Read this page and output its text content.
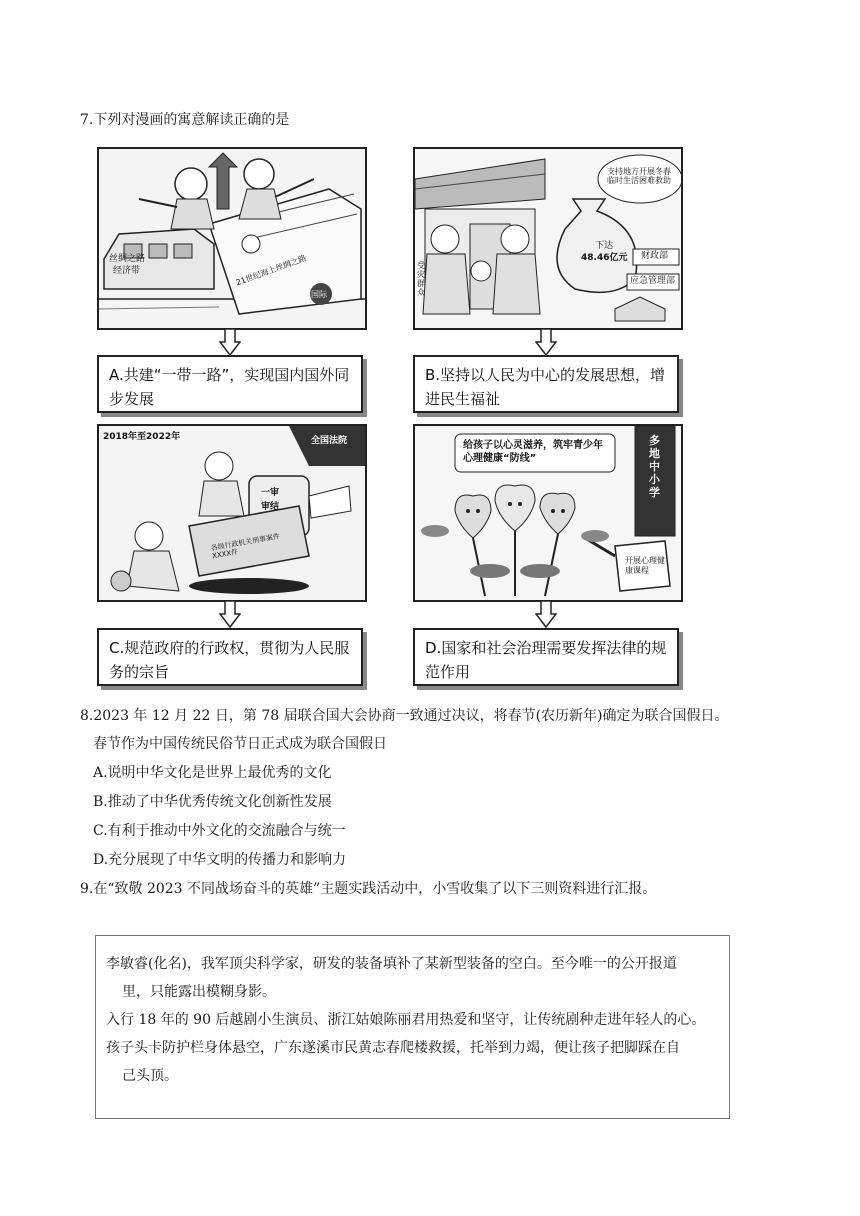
7.下列对漫画的寓意解读正确的是
丝绸之路
经济带	21世纪海上丝绸之路
国际
支持地方开展冬春临时生活困难救助
下达
48.46亿元 财政部
应急管理部
受灾群众
A.共建“一带一路”，实现国内国外同步发展
B.坚持以人民为中心的发展思想，增进民生福祉
2018年至2022年	全国法院
一审
审结
各级行政机关刑事案件XXXX件
给孩子以心灵滋养，筑牢青少年心理健康“防线”
多地中小学
开展心理健康课程
C.规范政府的行政权，贯彻为人民服务的宗旨
D.国家和社会治理需要发挥法律的规范作用
8.2023 年 12 月 22 日，第 78 届联合国大会协商一致通过决议，将春节(农历新年)确定为联合国假日。
春节作为中国传统民俗节日正式成为联合国假日
A.说明中华文化是世界上最优秀的文化
B.推动了中华优秀传统文化创新性发展
C.有利于推动中外文化的交流融合与统一
D.充分展现了中华文明的传播力和影响力
9.在“致敬 2023 不同战场奋斗的英雄”主题实践活动中，小雪收集了以下三则资料进行汇报。

李敏睿(化名)，我军顶尖科学家，研发的装备填补了某新型装备的空白。至今唯一的公开报道

里，只能露出模糊身影。

入行 18 年的 90 后越剧小生演员、浙江姑娘陈丽君用热爱和坚守，让传统剧种走进年轻人的心。

孩子头卡防护栏身体悬空，广东遂溪市民黄志春爬楼救援，托举到力竭，便让孩子把脚踩在自

己头顶。
